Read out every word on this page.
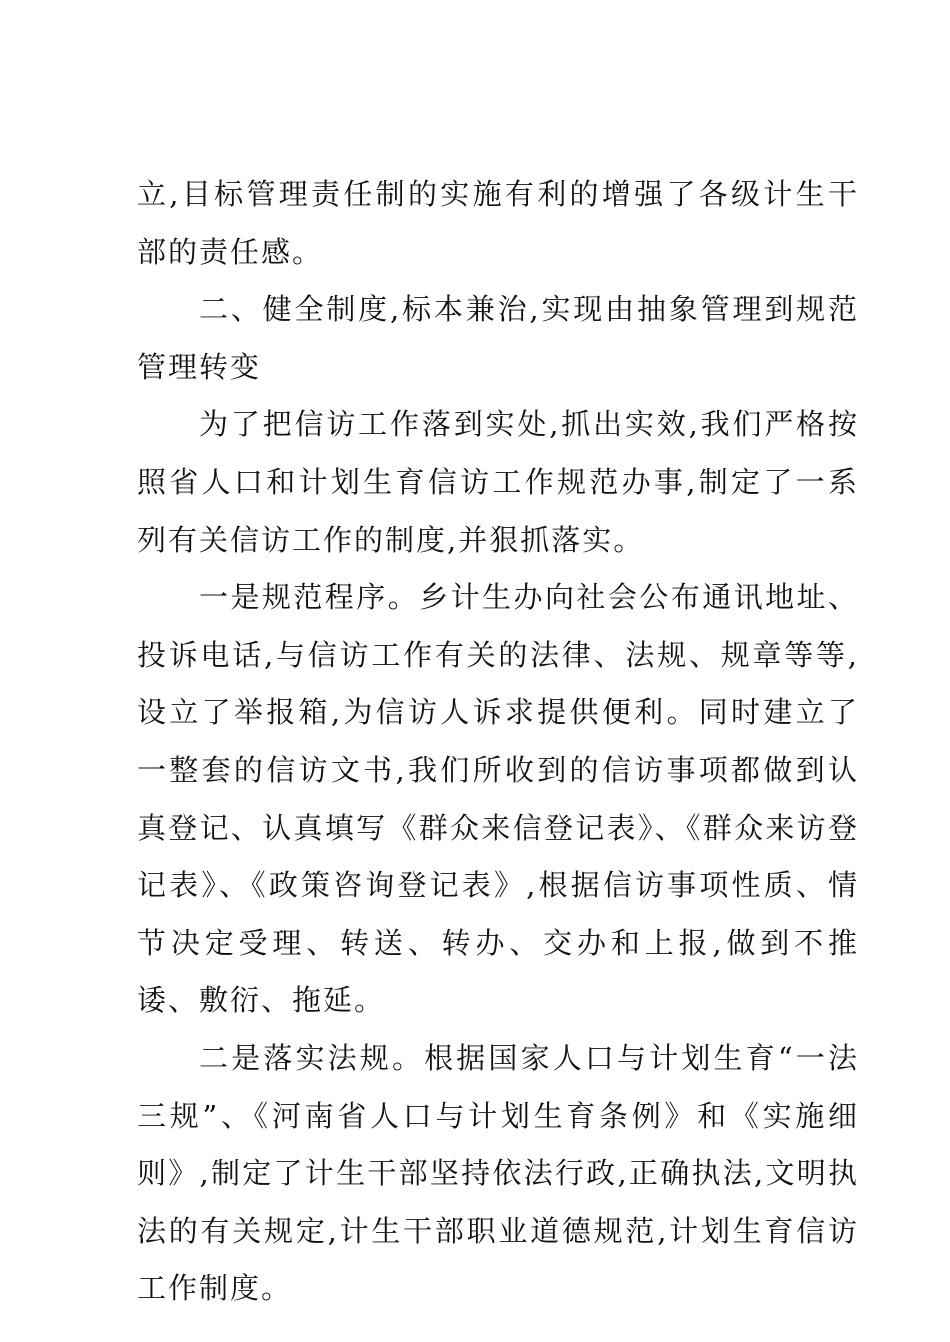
立,目标管理责任制的实施有利的增强了各级计生干部的责任感。

二、健全制度,标本兼治,实现由抽象管理到规范管理转变

为了把信访工作落到实处,抓出实效,我们严格按照省人口和计划生育信访工作规范办事,制定了一系列有关信访工作的制度,并狠抓落实。

一是规范程序。乡计生办向社会公布通讯地址、投诉电话,与信访工作有关的法律、法规、规章等等,设立了举报箱,为信访人诉求提供便利。同时建立了一整套的信访文书,我们所收到的信访事项都做到认真登记、认真填写《群众来信登记表》、《群众来访登记表》、《政策咨询登记表》,根据信访事项性质、情节决定受理、转送、转办、交办和上报,做到不推诿、敷衍、拖延。

二是落实法规。根据国家人口与计划生育“一法三规”、《河南省人口与计划生育条例》和《实施细则》,制定了计生干部坚持依法行政,正确执法,文明执法的有关规定,计生干部职业道德规范,计划生育信访工作制度。
